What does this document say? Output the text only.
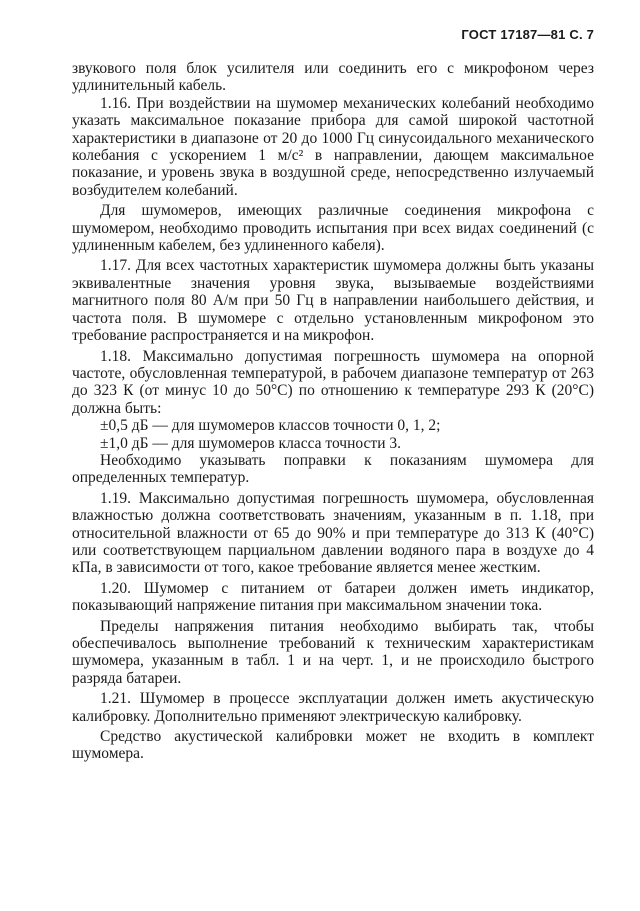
ГОСТ 17187—81 С. 7

звукового поля блок усилителя или соединить его с микрофоном через удлинительный кабель.

1.16. При воздействии на шумомер механических колебаний необходимо указать максимальное показание прибора для самой широкой частотной характеристики в диапазоне от 20 до 1000 Гц синусоидального механического колебания с ускорением 1 м/с² в направлении, дающем максимальное показание, и уровень звука в воздушной среде, непосредственно излучаемый возбудителем колебаний.

Для шумомеров, имеющих различные соединения микрофона с шумомером, необходимо проводить испытания при всех видах соединений (с удлиненным кабелем, без удлиненного кабеля).

1.17. Для всех частотных характеристик шумомера должны быть указаны эквивалентные значения уровня звука, вызываемые воздействиями магнитного поля 80 А/м при 50 Гц в направлении наибольшего действия, и частота поля. В шумомере с отдельно установленным микрофоном это требование распространяется и на микрофон.

1.18. Максимально допустимая погрешность шумомера на опорной частоте, обусловленная температурой, в рабочем диапазоне температур от 263 до 323 К (от минус 10 до 50°С) по отношению к температуре 293 К (20°С) должна быть:

±0,5 дБ — для шумомеров классов точности 0, 1, 2;

±1,0 дБ — для шумомеров класса точности 3.

Необходимо указывать поправки к показаниям шумомера для определенных температур.

1.19. Максимально допустимая погрешность шумомера, обусловленная влажностью должна соответствовать значениям, указанным в п. 1.18, при относительной влажности от 65 до 90% и при температуре до 313 К (40°С) или соответствующем парциальном давлении водяного пара в воздухе до 4 кПа, в зависимости от того, какое требование является менее жестким.

1.20. Шумомер с питанием от батареи должен иметь индикатор, показывающий напряжение питания при максимальном значении тока.

Пределы напряжения питания необходимо выбирать так, чтобы обеспечивалось выполнение требований к техническим характеристикам шумомера, указанным в табл. 1 и на черт. 1, и не происходило быстрого разряда батареи.

1.21. Шумомер в процессе эксплуатации должен иметь акустическую калибровку. Дополнительно применяют электрическую калибровку.

Средство акустической калибровки может не входить в комплект шумомера.
